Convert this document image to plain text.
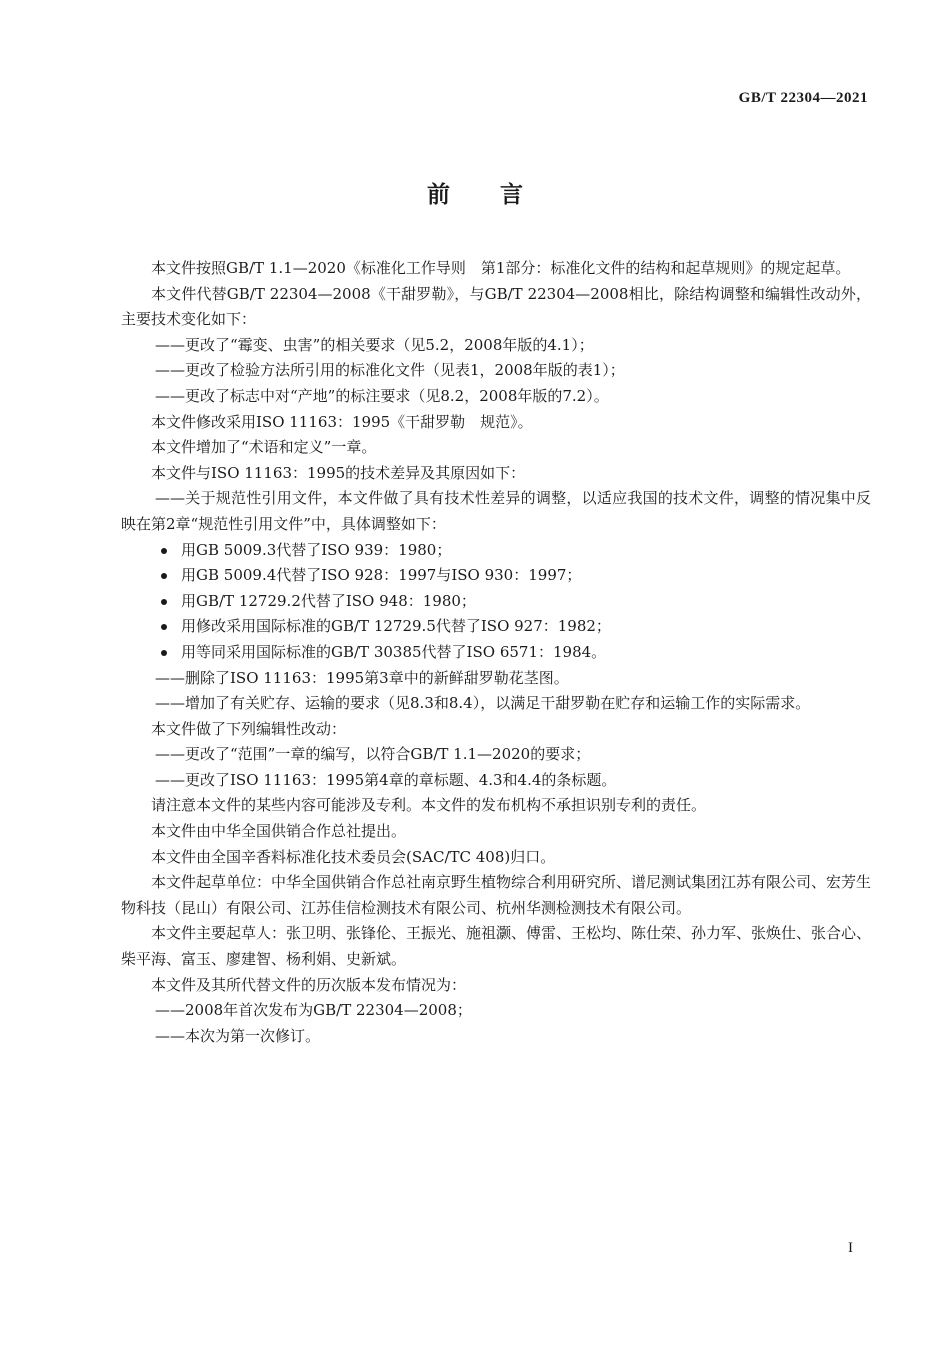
GB/T 22304—2021
前言

本文件按照GB/T 1.1—2020《标准化工作导则　第1部分：标准化文件的结构和起草规则》的规定起草。

本文件代替GB/T 22304—2008《干甜罗勒》，与GB/T 22304—2008相比，除结构调整和编辑性改动外，主要技术变化如下：

——更改了“霉变、虫害”的相关要求（见5.2，2008年版的4.1）；

——更改了检验方法所引用的标准化文件（见表1，2008年版的表1）；

——更改了标志中对“产地”的标注要求（见8.2，2008年版的7.2）。

本文件修改采用ISO 11163：1995《干甜罗勒　规范》。

本文件增加了“术语和定义”一章。

本文件与ISO 11163：1995的技术差异及其原因如下：

——关于规范性引用文件，本文件做了具有技术性差异的调整，以适应我国的技术文件，调整的情况集中反映在第2章“规范性引用文件”中，具体调整如下：

用GB 5009.3代替了ISO 939：1980；
用GB 5009.4代替了ISO 928：1997与ISO 930：1997；
用GB/T 12729.2代替了ISO 948：1980；
用修改采用国际标准的GB/T 12729.5代替了ISO 927：1982；
用等同采用国际标准的GB/T 30385代替了ISO 6571：1984。

——删除了ISO 11163：1995第3章中的新鲜甜罗勒花茎图。

——增加了有关贮存、运输的要求（见8.3和8.4），以满足干甜罗勒在贮存和运输工作的实际需求。

本文件做了下列编辑性改动：

——更改了“范围”一章的编写，以符合GB/T 1.1—2020的要求；

——更改了ISO 11163：1995第4章的章标题、4.3和4.4的条标题。

请注意本文件的某些内容可能涉及专利。本文件的发布机构不承担识别专利的责任。

本文件由中华全国供销合作总社提出。

本文件由全国辛香料标准化技术委员会(SAC/TC 408)归口。

本文件起草单位：中华全国供销合作总社南京野生植物综合利用研究所、谱尼测试集团江苏有限公司、宏芳生物科技（昆山）有限公司、江苏佳信检测技术有限公司、杭州华测检测技术有限公司。

本文件主要起草人：张卫明、张锋伦、王振光、施祖灏、傅雷、王松均、陈仕荣、孙力军、张焕仕、张合心、柴平海、富玉、廖建智、杨利娟、史新斌。

本文件及其所代替文件的历次版本发布情况为：

——2008年首次发布为GB/T 22304—2008；

——本次为第一次修订。

I
